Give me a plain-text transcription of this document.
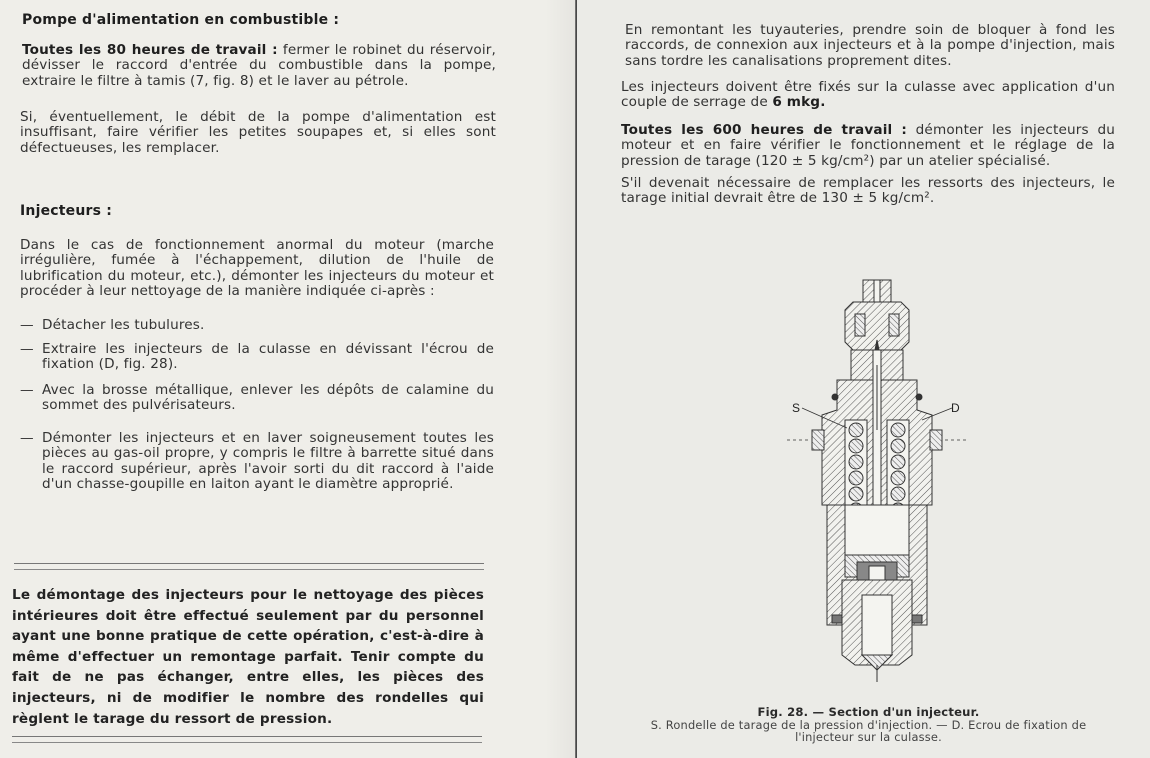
Pompe d'alimentation en combustible :
Toutes les 80 heures de travail : fermer le robinet du réservoir, dévisser le raccord d'entrée du combustible dans la pompe, extraire le filtre à tamis (7, fig. 8) et le laver au pétrole.
Si, éventuellement, le débit de la pompe d'alimentation est insuffisant, faire vérifier les petites soupapes et, si elles sont défectueuses, les remplacer.
Injecteurs :
Dans le cas de fonctionnement anormal du moteur (marche irrégulière, fumée à l'échappement, dilution de l'huile de lubrification du moteur, etc.), démonter les injecteurs du moteur et procéder à leur nettoyage de la manière indiquée ci-après :
— Détacher les tubulures.
— Extraire les injecteurs de la culasse en dévissant l'écrou de fixation (D, fig. 28).
— Avec la brosse métallique, enlever les dépôts de calamine du sommet des pulvérisateurs.
— Démonter les injecteurs et en laver soigneusement toutes les pièces au gas-oil propre, y compris le filtre à barrette situé dans le raccord supérieur, après l'avoir sorti du dit raccord à l'aide d'un chasse-goupille en laiton ayant le diamètre approprié.
Le démontage des injecteurs pour le nettoyage des pièces intérieures doit être effectué seulement par du personnel ayant une bonne pratique de cette opération, c'est-à-dire à même d'effectuer un remontage parfait. Tenir compte du fait de ne pas échanger, entre elles, les pièces des injecteurs, ni de modifier le nombre des rondelles qui règlent le tarage du ressort de pression.
En remontant les tuyauteries, prendre soin de bloquer à fond les raccords, de connexion aux injecteurs et à la pompe d'injection, mais sans tordre les canalisations proprement dites.
Les injecteurs doivent être fixés sur la culasse avec application d'un couple de serrage de 6 mkg.
Toutes les 600 heures de travail : démonter les injecteurs du moteur et en faire vérifier le fonctionnement et le réglage de la pression de tarage (120 ± 5 kg/cm²) par un atelier spécialisé.
S'il devenait nécessaire de remplacer les ressorts des injecteurs, le tarage initial devrait être de 130 ± 5 kg/cm².
S	D
Fig. 28. — Section d'un injecteur.
S. Rondelle de tarage de la pression d'injection. — D. Ecrou de fixation de l'injecteur sur la culasse.
